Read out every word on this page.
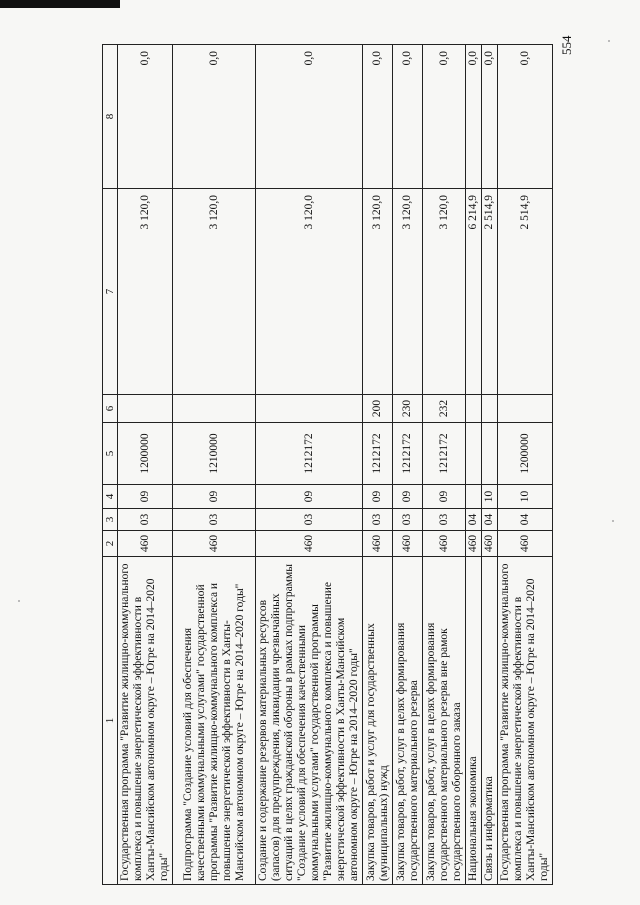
554
1	2	3	4	5	6	7	8
Государственная программа "Развитие жилищно-коммунального комплекса и повышение энергетической эффективности в Ханты-Мансийском автономном округе – Югре на 2014–2020 годы"	460	03	09	1200000		3 120,0	0,0
Подпрограмма "Создание условий для обеспечения качественными коммунальными услугами" государственной программы "Развитие жилищно-коммунального комплекса и повышение энергетической эффективности в Ханты-Мансийском автономном округе – Югре на 2014–2020 годы"	460	03	09	1210000		3 120,0	0,0
Создание и содержание резервов материальных ресурсов (запасов) для предупреждения, ликвидации чрезвычайных ситуаций в целях гражданской обороны в рамках подпрограммы "Создание условий для обеспечения качественными коммунальными услугами" государственной программы "Развитие жилищно-коммунального комплекса и повышение энергетической эффективности в Ханты-Мансийском автономном округе – Югре на 2014–2020 годы"	460	03	09	1212172		3 120,0	0,0
Закупка товаров, работ и услуг для государственных (муниципальных) нужд	460	03	09	1212172	200	3 120,0	0,0
Закупка товаров, работ, услуг в целях формирования государственного материального резерва	460	03	09	1212172	230	3 120,0	0,0
Закупка товаров, работ, услуг в целях формирования государственного материального резерва вне рамок государственного оборонного заказа	460	03	09	1212172	232	3 120,0	0,0
Национальная экономика	460	04				6 214,9	0,0
Связь и информатика	460	04	10			2 514,9	0,0
Государственная программа "Развитие жилищно-коммунального комплекса и повышение энергетической эффективности в Ханты-Мансийском автономном округе – Югре на 2014–2020 годы"	460	04	10	1200000		2 514,9	0,0
